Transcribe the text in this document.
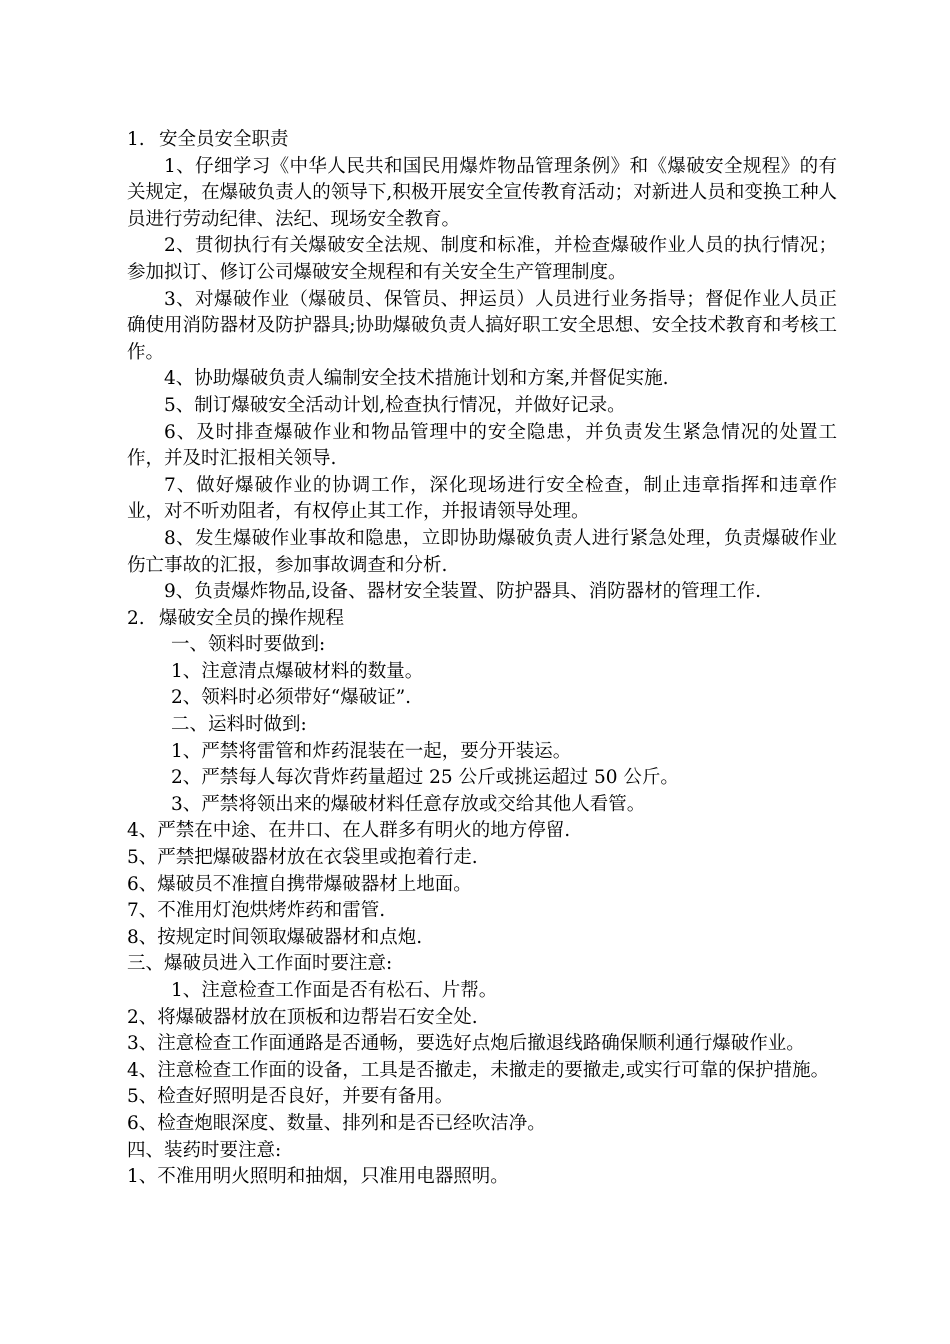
1. 安全员安全职责
1、仔细学习《中华人民共和国民用爆炸物品管理条例》和《爆破安全规程》的有关规定，在爆破负责人的领导下,积极开展安全宣传教育活动；对新进人员和变换工种人员进行劳动纪律、法纪、现场安全教育。
2、贯彻执行有关爆破安全法规、制度和标准，并检查爆破作业人员的执行情况；参加拟订、修订公司爆破安全规程和有关安全生产管理制度。
3、对爆破作业（爆破员、保管员、押运员）人员进行业务指导；督促作业人员正确使用消防器材及防护器具;协助爆破负责人搞好职工安全思想、安全技术教育和考核工作。
4、协助爆破负责人编制安全技术措施计划和方案,并督促实施.
5、制订爆破安全活动计划,检查执行情况，并做好记录。
6、及时排查爆破作业和物品管理中的安全隐患，并负责发生紧急情况的处置工作，并及时汇报相关领导.
7、做好爆破作业的协调工作，深化现场进行安全检查，制止违章指挥和违章作业，对不听劝阻者，有权停止其工作，并报请领导处理。
8、发生爆破作业事故和隐患，立即协助爆破负责人进行紧急处理，负责爆破作业伤亡事故的汇报，参加事故调查和分析.
9、负责爆炸物品,设备、器材安全装置、防护器具、消防器材的管理工作.
2. 爆破安全员的操作规程
一、领料时要做到:
1、注意清点爆破材料的数量。
2、领料时必须带好“爆破证”.
二、运料时做到:
1、严禁将雷管和炸药混装在一起，要分开装运。
2、严禁每人每次背炸药量超过 25 公斤或挑运超过 50 公斤。
3、严禁将领出来的爆破材料任意存放或交给其他人看管。
4、严禁在中途、在井口、在人群多有明火的地方停留.
5、严禁把爆破器材放在衣袋里或抱着行走.
6、爆破员不准擅自携带爆破器材上地面。
7、不准用灯泡烘烤炸药和雷管.
8、按规定时间领取爆破器材和点炮.
三、爆破员进入工作面时要注意:
1、注意检查工作面是否有松石、片帮。
2、将爆破器材放在顶板和边帮岩石安全处.
3、注意检查工作面通路是否通畅，要选好点炮后撤退线路确保顺利通行爆破作业。
4、注意检查工作面的设备，工具是否撤走，未撤走的要撤走,或实行可靠的保护措施。
5、检查好照明是否良好，并要有备用。
6、检查炮眼深度、数量、排列和是否已经吹洁净。
四、装药时要注意:
1、不准用明火照明和抽烟，只准用电器照明。
